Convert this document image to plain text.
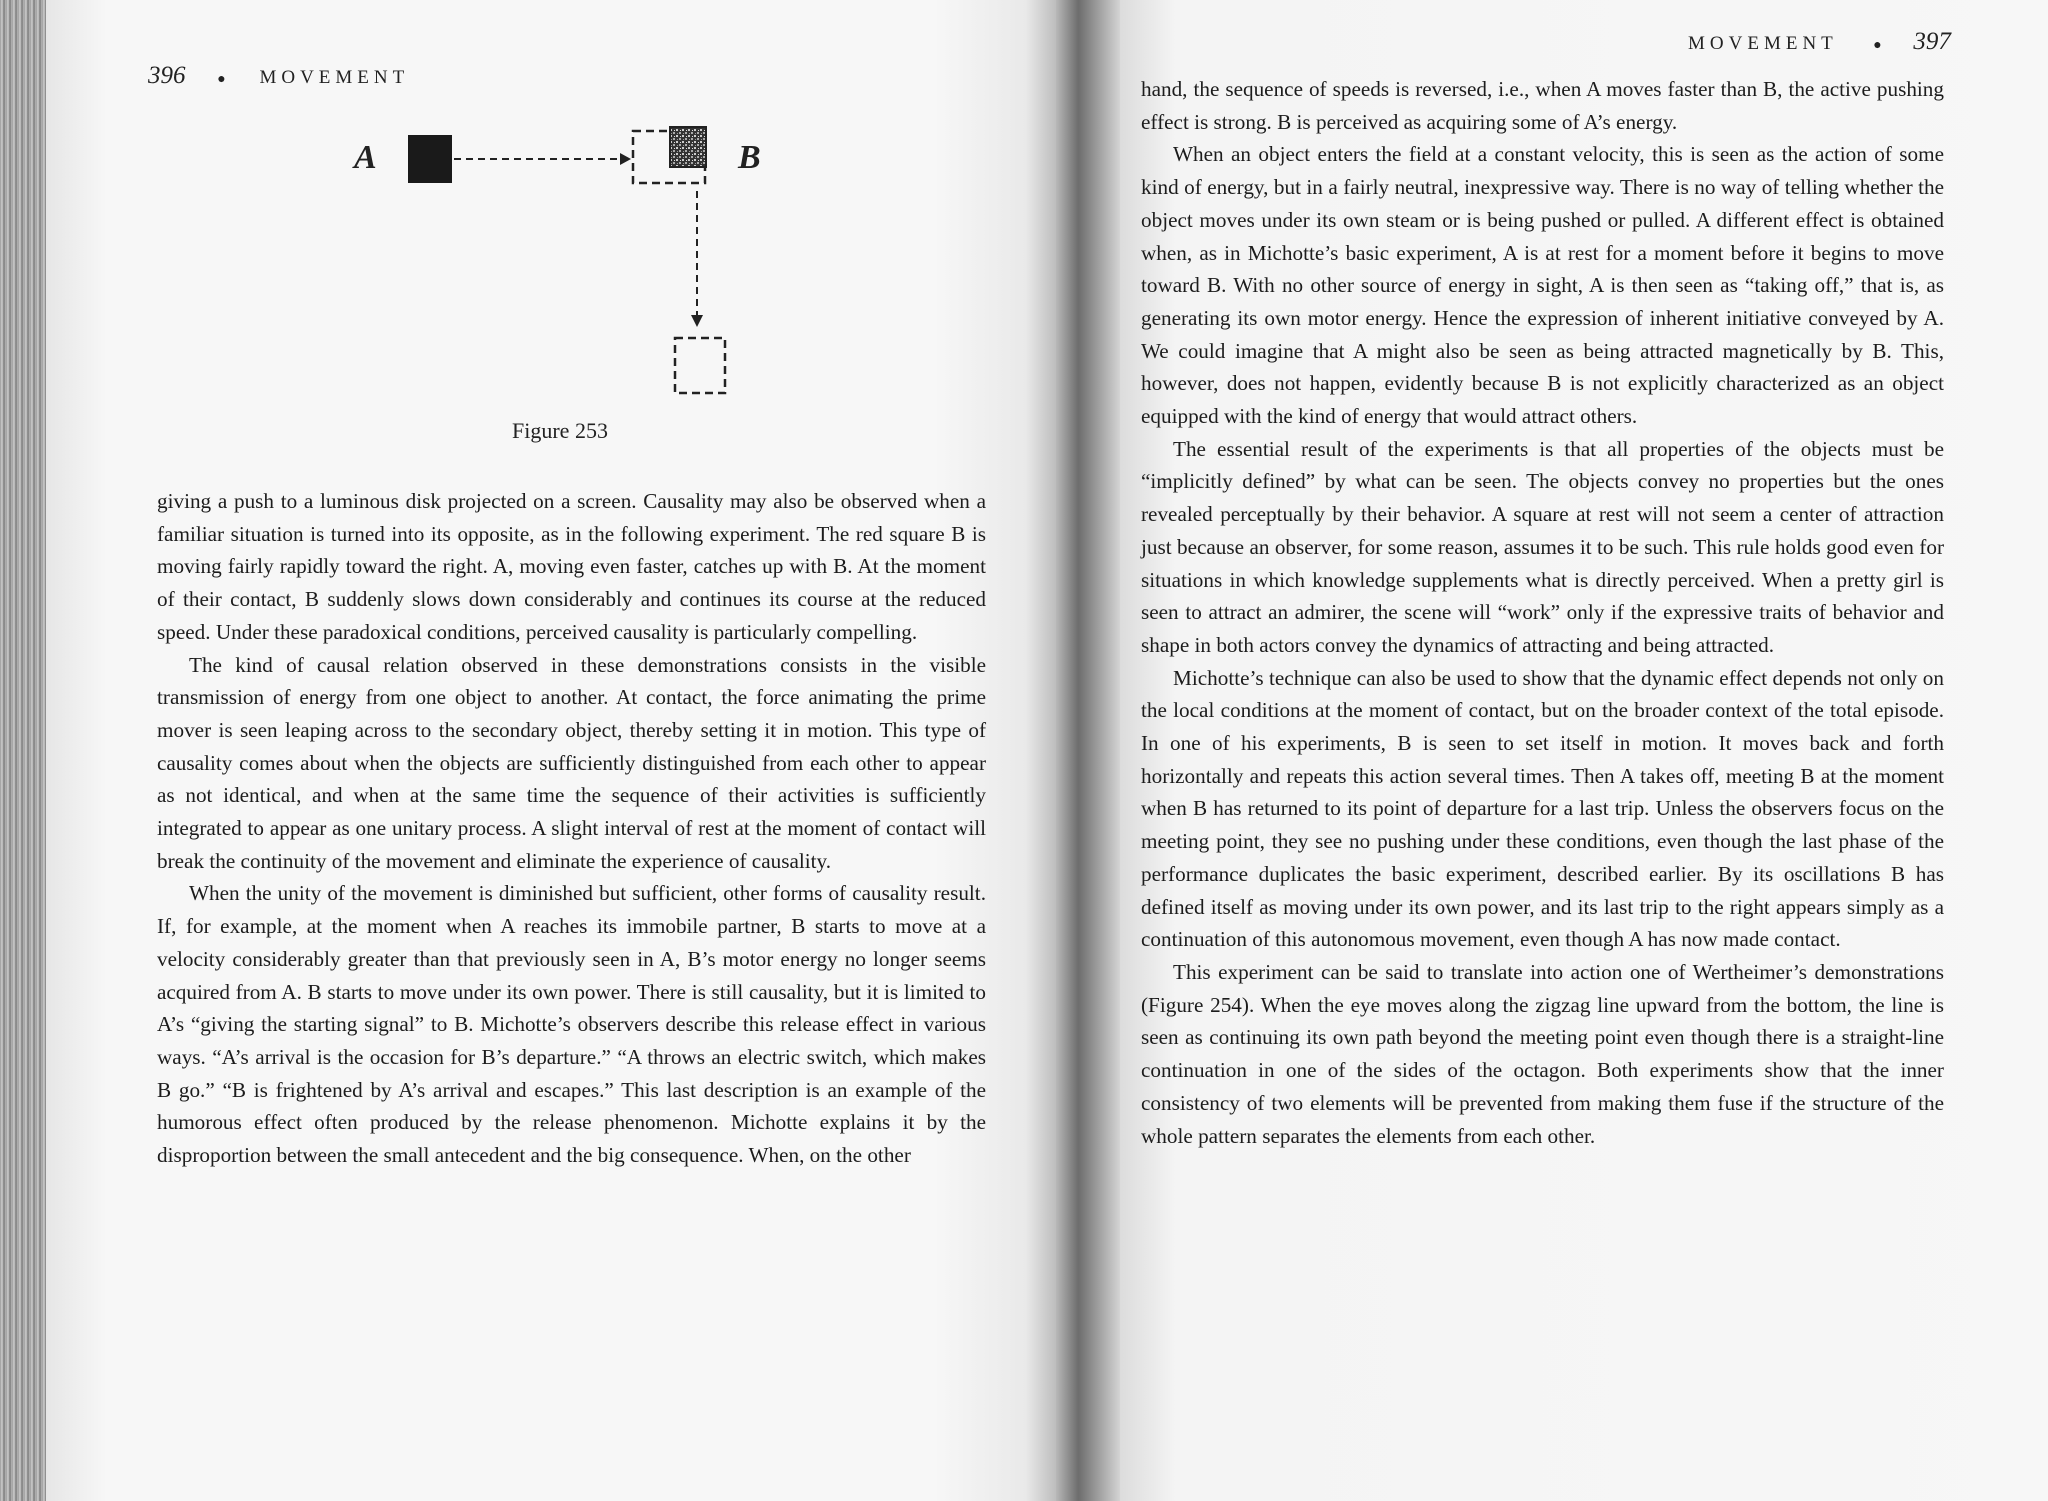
396 ● MOVEMENT
A	B
Figure 253

giving a push to a luminous disk projected on a screen. Causality may also be observed when a familiar situation is turned into its opposite, as in the following experiment. The red square B is moving fairly rapidly toward the right. A, moving even faster, catches up with B. At the moment of their contact, B suddenly slows down considerably and continues its course at the reduced speed. Under these paradoxical conditions, perceived causality is particularly compelling.

The kind of causal relation observed in these demonstrations consists in the visible transmission of energy from one object to another. At contact, the force animating the prime mover is seen leaping across to the secondary object, thereby setting it in motion. This type of causality comes about when the objects are sufficiently distinguished from each other to appear as not identical, and when at the same time the sequence of their activities is sufficiently integrated to appear as one unitary process. A slight interval of rest at the moment of contact will break the continuity of the movement and eliminate the experience of causality.

When the unity of the movement is diminished but sufficient, other forms of causality result. If, for example, at the moment when A reaches its immobile partner, B starts to move at a velocity considerably greater than that previously seen in A, B’s motor energy no longer seems acquired from A. B starts to move under its own power. There is still causality, but it is limited to A’s “giving the starting signal” to B. Michotte’s observers describe this release effect in various ways. “A’s arrival is the occasion for B’s departure.” “A throws an electric switch, which makes B go.” “B is frightened by A’s arrival and escapes.” This last description is an example of the humorous effect often produced by the release phenomenon. Michotte explains it by the disproportion between the small antecedent and the big consequence. When, on the other

MOVEMENT	● 397

hand, the sequence of speeds is reversed, i.e., when A moves faster than B, the active pushing effect is strong. B is perceived as acquiring some of A’s energy.

When an object enters the field at a constant velocity, this is seen as the action of some kind of energy, but in a fairly neutral, inexpressive way. There is no way of telling whether the object moves under its own steam or is being pushed or pulled. A different effect is obtained when, as in Michotte’s basic experiment, A is at rest for a moment before it begins to move toward B. With no other source of energy in sight, A is then seen as “taking off,” that is, as generating its own motor energy. Hence the expression of inherent initiative conveyed by A. We could imagine that A might also be seen as being attracted magnetically by B. This, however, does not happen, evidently because B is not explicitly characterized as an object equipped with the kind of energy that would attract others.

The essential result of the experiments is that all properties of the objects must be “implicitly defined” by what can be seen. The objects convey no properties but the ones revealed perceptually by their behavior. A square at rest will not seem a center of attraction just because an observer, for some reason, assumes it to be such. This rule holds good even for situations in which knowledge supplements what is directly perceived. When a pretty girl is seen to attract an admirer, the scene will “work” only if the expressive traits of behavior and shape in both actors convey the dynamics of attracting and being attracted.

Michotte’s technique can also be used to show that the dynamic effect depends not only on the local conditions at the moment of contact, but on the broader context of the total episode. In one of his experiments, B is seen to set itself in motion. It moves back and forth horizontally and repeats this action several times. Then A takes off, meeting B at the moment when B has returned to its point of departure for a last trip. Unless the observers focus on the meeting point, they see no pushing under these conditions, even though the last phase of the performance duplicates the basic experiment, described earlier. By its oscillations B has defined itself as moving under its own power, and its last trip to the right appears simply as a continuation of this autonomous movement, even though A has now made contact.

This experiment can be said to translate into action one of Wertheimer’s demonstrations (Figure 254). When the eye moves along the zigzag line upward from the bottom, the line is seen as continuing its own path beyond the meeting point even though there is a straight-line continuation in one of the sides of the octagon. Both experiments show that the inner consistency of two elements will be prevented from making them fuse if the structure of the whole pattern separates the elements from each other.
